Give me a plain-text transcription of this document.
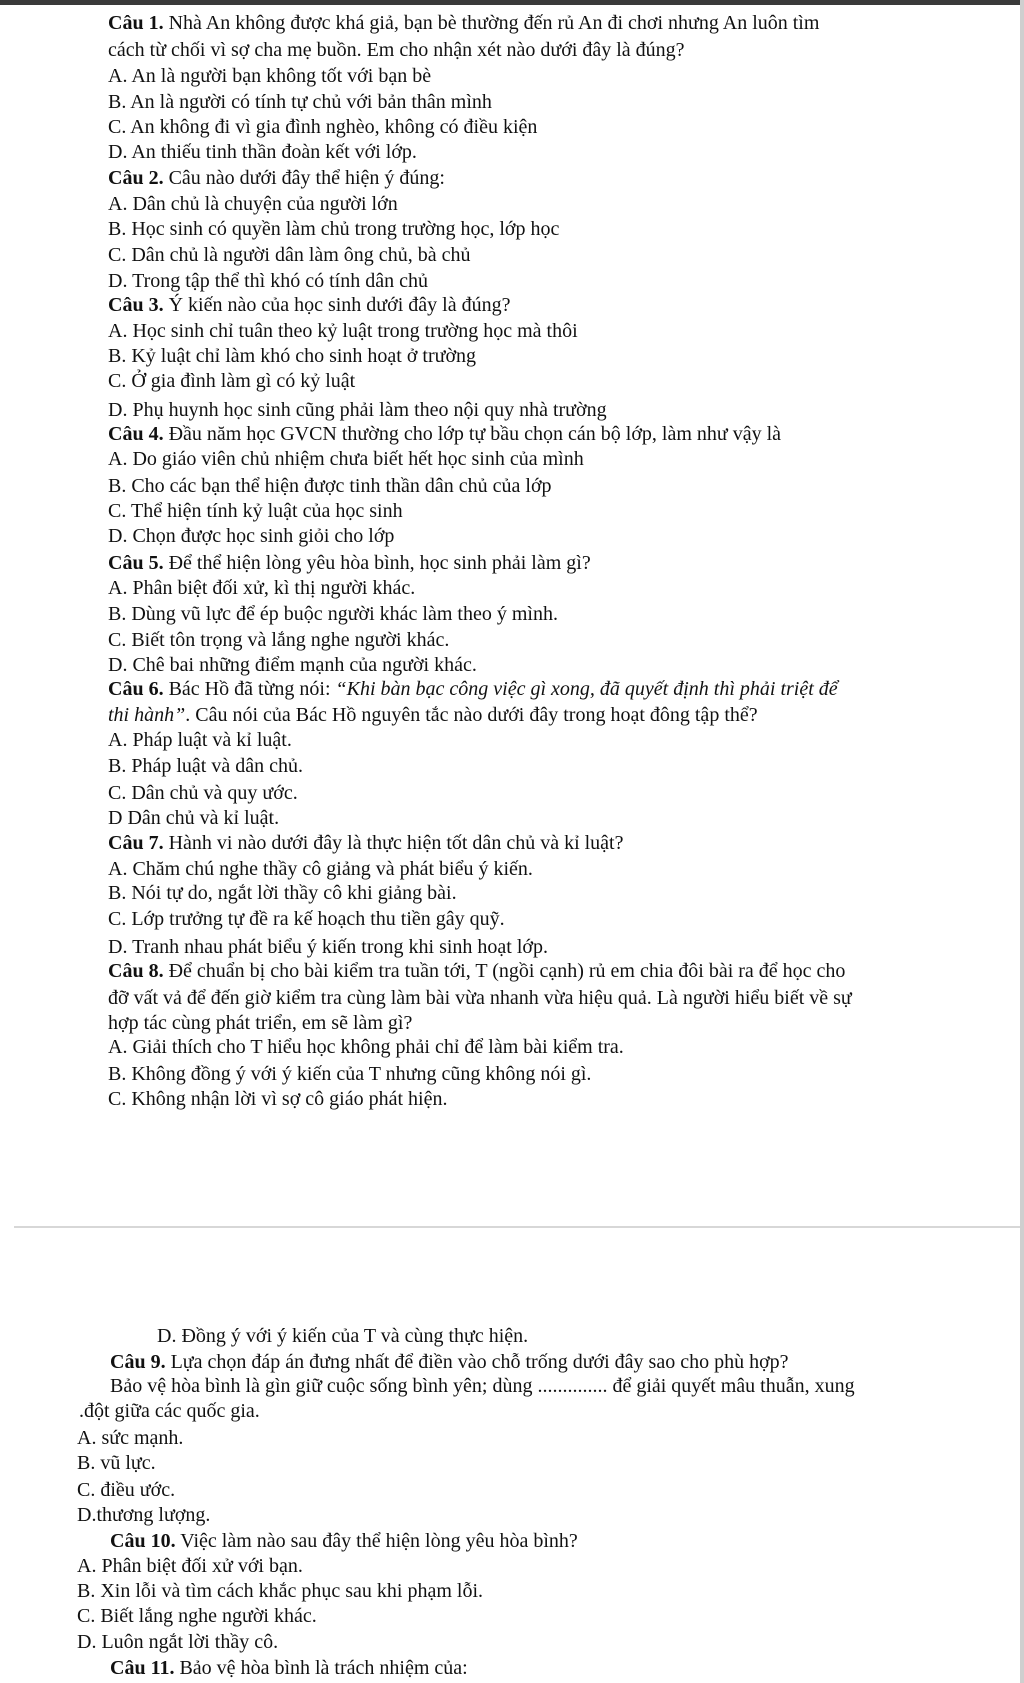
Câu 1. Nhà An không được khá giả, bạn bè thường đến rủ An đi chơi nhưng An luôn tìm
cách từ chối vì sợ cha mẹ buồn. Em cho nhận xét nào dưới đây là đúng?
A. An là người bạn không tốt với bạn bè
B. An là người có tính tự chủ với bản thân mình
C. An không đi vì gia đình nghèo, không có điều kiện
D. An thiếu tinh thần đoàn kết với lớp.
Câu 2. Câu nào dưới đây thể hiện ý đúng:
A. Dân chủ là chuyện của người lớn
B. Học sinh có quyền làm chủ trong trường học, lớp học
C. Dân chủ là người dân làm ông chủ, bà chủ
D. Trong tập thể thì khó có tính dân chủ
Câu 3. Ý kiến nào của học sinh dưới đây là đúng?
A. Học sinh chỉ tuân theo kỷ luật trong trường học mà thôi
B. Kỷ luật chỉ làm khó cho sinh hoạt ở trường
C. Ở gia đình làm gì có kỷ luật
D. Phụ huynh học sinh cũng phải làm theo nội quy nhà trường
Câu 4. Đầu năm học GVCN thường cho lớp tự bầu chọn cán bộ lớp, làm như vậy là
A. Do giáo viên chủ nhiệm chưa biết hết học sinh của mình
B. Cho các bạn thể hiện được tinh thần dân chủ của lớp
C. Thể hiện tính kỷ luật của học sinh
D. Chọn được học sinh giỏi cho lớp
Câu 5. Để thể hiện lòng yêu hòa bình, học sinh phải làm gì?
A. Phân biệt đối xử, kì thị người khác.
B. Dùng vũ lực để ép buộc người khác làm theo ý mình.
C. Biết tôn trọng và lắng nghe người khác.
D. Chê bai những điểm mạnh của người khác.
Câu 6. Bác Hồ đã từng nói: “Khi bàn bạc công việc gì xong, đã quyết định thì phải triệt để
thi hành”. Câu nói của Bác Hồ nguyên tắc nào dưới đây trong hoạt đông tập thể?
A. Pháp luật và kỉ luật.
B. Pháp luật và dân chủ.
C. Dân chủ và quy ước.
D Dân chủ và kỉ luật.
Câu 7. Hành vi nào dưới đây là thực hiện tốt dân chủ và kỉ luật?
A. Chăm chú nghe thầy cô giảng và phát biểu ý kiến.
B. Nói tự do, ngắt lời thầy cô khi giảng bài.
C. Lớp trưởng tự đề ra kế hoạch thu tiền gây quỹ.
D. Tranh nhau phát biểu ý kiến trong khi sinh hoạt lớp.
Câu 8. Để chuẩn bị cho bài kiểm tra tuần tới, T (ngồi cạnh) rủ em chia đôi bài ra để học cho
đỡ vất vả để đến giờ kiểm tra cùng làm bài vừa nhanh vừa hiệu quả. Là người hiểu biết về sự
hợp tác cùng phát triển, em sẽ làm gì?
A. Giải thích cho T hiểu học không phải chỉ để làm bài kiểm tra.
B. Không đồng ý với ý kiến của T nhưng cũng không nói gì.
C. Không nhận lời vì sợ cô giáo phát hiện.
D. Đồng ý với ý kiến của T và cùng thực hiện.
Câu 9. Lựa chọn đáp án đưng nhất để điền vào chỗ trống dưới đây sao cho phù hợp?
Bảo vệ hòa bình là gìn giữ cuộc sống bình yên; dùng .............. để giải quyết mâu thuẫn, xung
.đột giữa các quốc gia.
A. sức mạnh.
B. vũ lực.
C. điều ước.
D.thương lượng.
Câu 10. Việc làm nào sau đây thể hiện lòng yêu hòa bình?
A. Phân biệt đối xử với bạn.
B. Xin lỗi và tìm cách khắc phục sau khi phạm lỗi.
C. Biết lắng nghe người khác.
D. Luôn ngắt lời thầy cô.
Câu 11. Bảo vệ hòa bình là trách nhiệm của:
